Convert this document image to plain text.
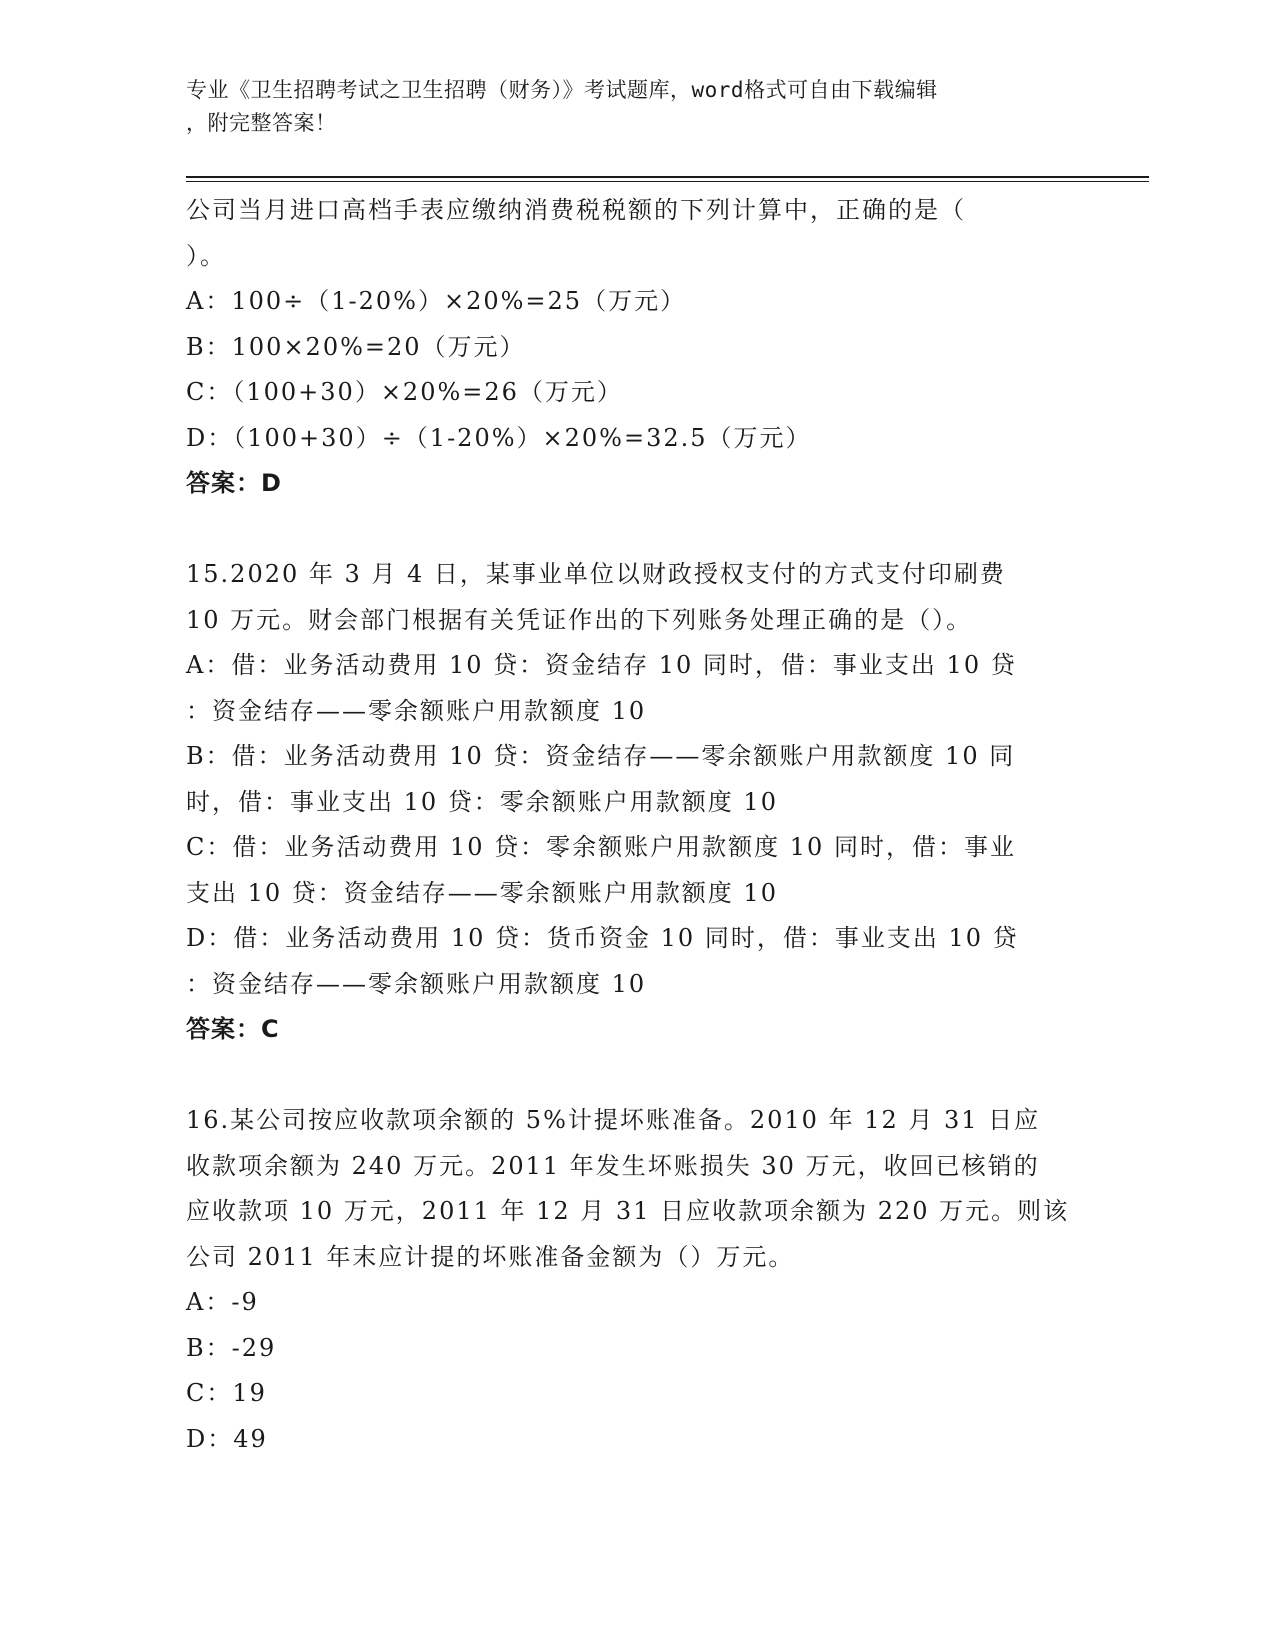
专业《卫生招聘考试之卫生招聘（财务）》考试题库，word格式可自由下载编辑
，附完整答案！
公司当月进口高档手表应缴纳消费税税额的下列计算中，正确的是（
）。
A：100÷（1-20%）×20%=25（万元）
B：100×20%=20（万元）
C：（100+30）×20%=26（万元）
D：（100+30）÷（1-20%）×20%=32.5（万元）
答案：D
15.2020 年 3 月 4 日，某事业单位以财政授权支付的方式支付印刷费
10 万元。财会部门根据有关凭证作出的下列账务处理正确的是（）。
A：借：业务活动费用 10 贷：资金结存 10 同时，借：事业支出 10 贷
：资金结存——零余额账户用款额度 10
B：借：业务活动费用 10 贷：资金结存——零余额账户用款额度 10 同
时，借：事业支出 10 贷：零余额账户用款额度 10
C：借：业务活动费用 10 贷：零余额账户用款额度 10 同时，借：事业
支出 10 贷：资金结存——零余额账户用款额度 10
D：借：业务活动费用 10 贷：货币资金 10 同时，借：事业支出 10 贷
：资金结存——零余额账户用款额度 10
答案：C
16.某公司按应收款项余额的 5%计提坏账准备。2010 年 12 月 31 日应
收款项余额为 240 万元。2011 年发生坏账损失 30 万元，收回已核销的
应收款项 10 万元，2011 年 12 月 31 日应收款项余额为 220 万元。则该
公司 2011 年末应计提的坏账准备金额为（）万元。
A：-9
B：-29
C：19
D：49
